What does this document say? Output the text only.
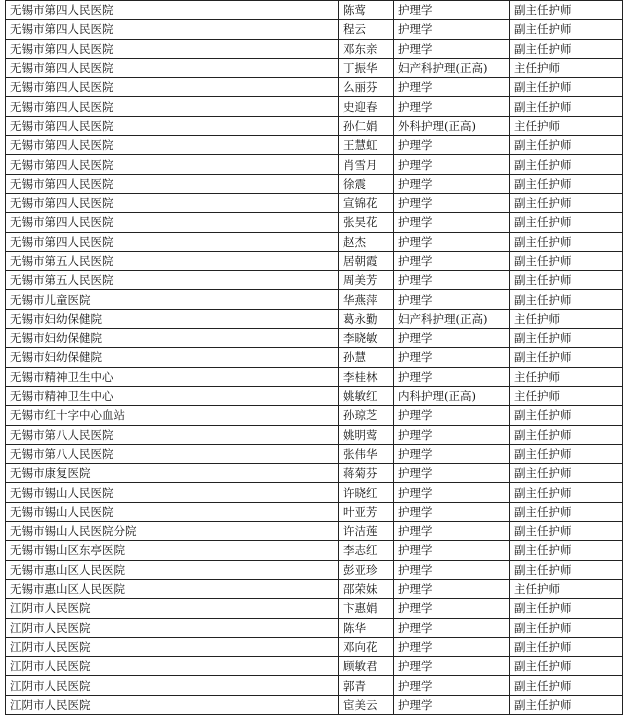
无锡市第四人民医院	陈莺	护理学	副主任护师
无锡市第四人民医院	程云	护理学	副主任护师
无锡市第四人民医院	邓东亲	护理学	副主任护师
无锡市第四人民医院	丁振华	妇产科护理(正高)	主任护师
无锡市第四人民医院	么丽芬	护理学	副主任护师
无锡市第四人民医院	史迎春	护理学	副主任护师
无锡市第四人民医院	孙仁娟	外科护理(正高)	主任护师
无锡市第四人民医院	王慧虹	护理学	副主任护师
无锡市第四人民医院	肖雪月	护理学	副主任护师
无锡市第四人民医院	徐震	护理学	副主任护师
无锡市第四人民医院	宣锦花	护理学	副主任护师
无锡市第四人民医院	张昊花	护理学	副主任护师
无锡市第四人民医院	赵杰	护理学	副主任护师
无锡市第五人民医院	居朝霞	护理学	副主任护师
无锡市第五人民医院	周美芳	护理学	副主任护师
无锡市儿童医院	华燕萍	护理学	副主任护师
无锡市妇幼保健院	葛永勤	妇产科护理(正高)	主任护师
无锡市妇幼保健院	李晓敏	护理学	副主任护师
无锡市妇幼保健院	孙慧	护理学	副主任护师
无锡市精神卫生中心	李桂林	护理学	主任护师
无锡市精神卫生中心	姚敏红	内科护理(正高)	主任护师
无锡市红十字中心血站	孙琼芝	护理学	副主任护师
无锡市第八人民医院	姚明莺	护理学	副主任护师
无锡市第八人民医院	张伟华	护理学	副主任护师
无锡市康复医院	蒋菊芬	护理学	副主任护师
无锡市锡山人民医院	许晓红	护理学	副主任护师
无锡市锡山人民医院	叶亚芳	护理学	副主任护师
无锡市锡山人民医院分院	许洁莲	护理学	副主任护师
无锡市锡山区东亭医院	李志红	护理学	副主任护师
无锡市惠山区人民医院	彭亚珍	护理学	副主任护师
无锡市惠山区人民医院	邵荣妹	护理学	主任护师
江阴市人民医院	卞惠娟	护理学	副主任护师
江阴市人民医院	陈华	护理学	副主任护师
江阴市人民医院	邓向花	护理学	副主任护师
江阴市人民医院	顾敏君	护理学	副主任护师
江阴市人民医院	郭青	护理学	副主任护师
江阴市人民医院	宦美云	护理学	副主任护师
